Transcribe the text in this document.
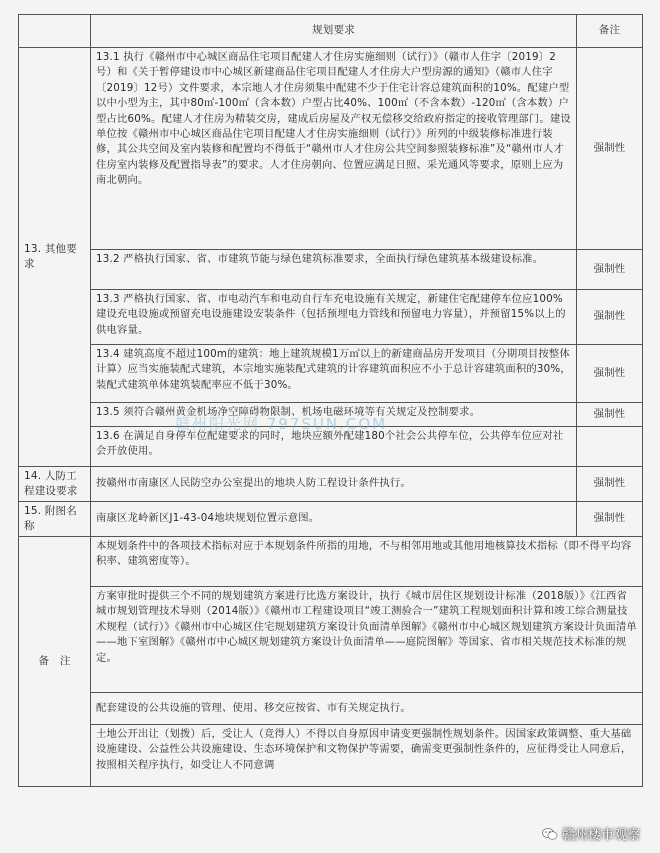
	规划要求	备注
13. 其他要求	13.1 执行《赣州市中心城区商品住宅项目配建人才住房实施细则（试行）》（赣市人住字〔2019〕2号）和《关于暂停建设市中心城区新建商品住宅项目配建人才住房大户型房源的通知》（赣市人住字〔2019〕12号）文件要求，本宗地人才住房须集中配建不少于住宅计容总建筑面积的10%。配建户型以中小型为主，其中80㎡-100㎡（含本数）户型占比40%、100㎡（不含本数）-120㎡（含本数）户型占比60%。配建人才住房为精装交房，建成后房屋及产权无偿移交给政府指定的接收管理部门。建设单位按《赣州市中心城区商品住宅项目配建人才住房实施细则（试行）》所列的中级装修标准进行装修，其公共空间及室内装修和配置均不得低于“赣州市人才住房公共空间参照装修标准”及“赣州市人才住房室内装修及配置指导表”的要求。人才住房朝向、位置应满足日照、采光通风等要求，原则上应为南北朝向。	强制性
	13.2 严格执行国家、省、市建筑节能与绿色建筑标准要求，全面执行绿色建筑基本级建设标准。	强制性
	13.3 严格执行国家、省、市电动汽车和电动自行车充电设施有关规定，新建住宅配建停车位应100%建设充电设施或预留充电设施建设安装条件（包括预埋电力管线和预留电力容量），并预留15%以上的供电容量。	强制性
	13.4 建筑高度不超过100m的建筑：地上建筑规模1万㎡以上的新建商品房开发项目（分期项目按整体计算）应当实施装配式建筑，本宗地实施装配式建筑的计容建筑面积应不小于总计容建筑面积的30%，装配式建筑单体建筑装配率应不低于30%。	强制性
	13.5 须符合赣州黄金机场净空障碍物限制、机场电磁环境等有关规定及控制要求。	强制性
	13.6 在满足自身停车位配建要求的同时，地块应额外配建180个社会公共停车位，公共停车位应对社会开放使用。	
14. 人防工程建设要求	按赣州市南康区人民防空办公室提出的地块人防工程设计条件执行。	强制性
15. 附图名称	南康区龙岭新区J1-43-04地块规划位置示意图。	强制性
备　注	本规划条件中的各项技术指标对应于本规划条件所指的用地，不与相邻用地或其他用地核算技术指标（即不得平均容积率、建筑密度等）。	
	方案审批时提供三个不同的规划建筑方案进行比选方案设计，执行《城市居住区规划设计标准（2018版）》《江西省城市规划管理技术导则（2014版）》《赣州市工程建设项目“竣工测验合一”建筑工程规划面积计算和竣工综合测量技术规程（试行）》《赣州市中心城区住宅规划建筑方案设计负面清单图解》《赣州市中心城区规划建筑方案设计负面清单——地下室图解》《赣州市中心城区规划建筑方案设计负面清单——庭院图解》等国家、省市相关规范技术标准的规定。	
	配套建设的公共设施的管理、使用、移交应按省、市有关规定执行。	
	土地公开出让（划拨）后，受让人（竞得人）不得以自身原因申请变更强制性规划条件。因国家政策调整、重大基础设施建设、公益性公共设施建设、生态环境保护和文物保护等需要，确需变更强制性条件的，应征得受让人同意后，按照相关程序执行，如受让人不同意调	
赣州阳光网 797SUN.COM
赣州楼市观察
